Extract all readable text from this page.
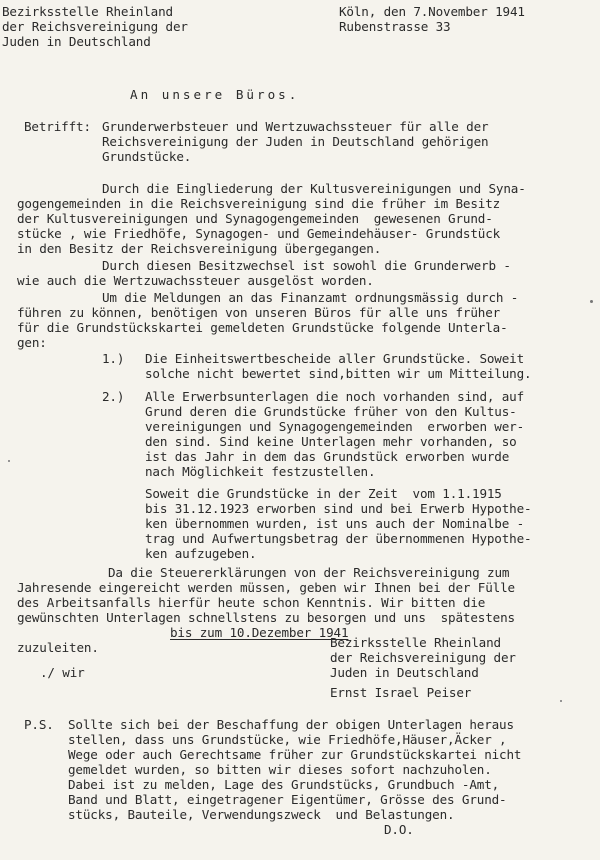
Bezirksstelle Rheinland
der Reichsvereinigung der
Juden in Deutschland
Köln, den 7.November 1941
Rubenstrasse 33
An unsere Büros.
Betrifft: Grunderwerbsteuer und Wertzuwachssteuer für alle der
Reichsvereinigung der Juden in Deutschland gehörigen
Grundstücke.
Durch die Eingliederung der Kultusvereinigungen und Syna-
gogengemeinden in die Reichsvereinigung sind die früher im Besitz
der Kultusvereinigungen und Synagogengemeinden  gewesenen Grund-
stücke , wie Friedhöfe, Synagogen- und Gemeindehäuser- Grundstück
in den Besitz der Reichsvereinigung übergegangen.
Durch diesen Besitzwechsel ist sowohl die Grunderwerb -
wie auch die Wertzuwachssteuer ausgelöst worden.
Um die Meldungen an das Finanzamt ordnungsmässig durch -
führen zu können, benötigen von unseren Büros für alle uns früher
für die Grundstückskartei gemeldeten Grundstücke folgende Unterla-
gen:
1.) Die Einheitswertbescheide aller Grundstücke. Soweit
solche nicht bewertet sind,bitten wir um Mitteilung.
2.) Alle Erwerbsunterlagen die noch vorhanden sind, auf
Grund deren die Grundstücke früher von den Kultus-
vereinigungen und Synagogengemeinden  erworben wer-
den sind. Sind keine Unterlagen mehr vorhanden, so
ist das Jahr in dem das Grundstück erworben wurde
nach Möglichkeit festzustellen.
Soweit die Grundstücke in der Zeit  vom 1.1.1915
bis 31.12.1923 erworben sind und bei Erwerb Hypothe-
ken übernommen wurden, ist uns auch der Nominalbe -
trag und Aufwertungsbetrag der übernommenen Hypothe-
ken aufzugeben.
Da die Steuererklärungen von der Reichsvereinigung zum
Jahresende eingereicht werden müssen, geben wir Ihnen bei der Fülle
des Arbeitsanfalls hierfür heute schon Kenntnis. Wir bitten die
gewünschten Unterlagen schnellstens zu besorgen und uns  spätestens
bis zum 10.Dezember 1941
zuzuleiten.	Bezirksstelle Rheinland
der Reichsvereinigung der
Juden in Deutschland
Ernst Israel Peiser
./ wir
P.S. Sollte sich bei der Beschaffung der obigen Unterlagen heraus
stellen, dass uns Grundstücke, wie Friedhöfe,Häuser,Äcker ,
Wege oder auch Gerechtsame früher zur Grundstückskartei nicht
gemeldet wurden, so bitten wir dieses sofort nachzuholen.
Dabei ist zu melden, Lage des Grundstücks, Grundbuch -Amt,
Band und Blatt, eingetragener Eigentümer, Grösse des Grund-
stücks, Bauteile, Verwendungszweck  und Belastungen.
D.O.
